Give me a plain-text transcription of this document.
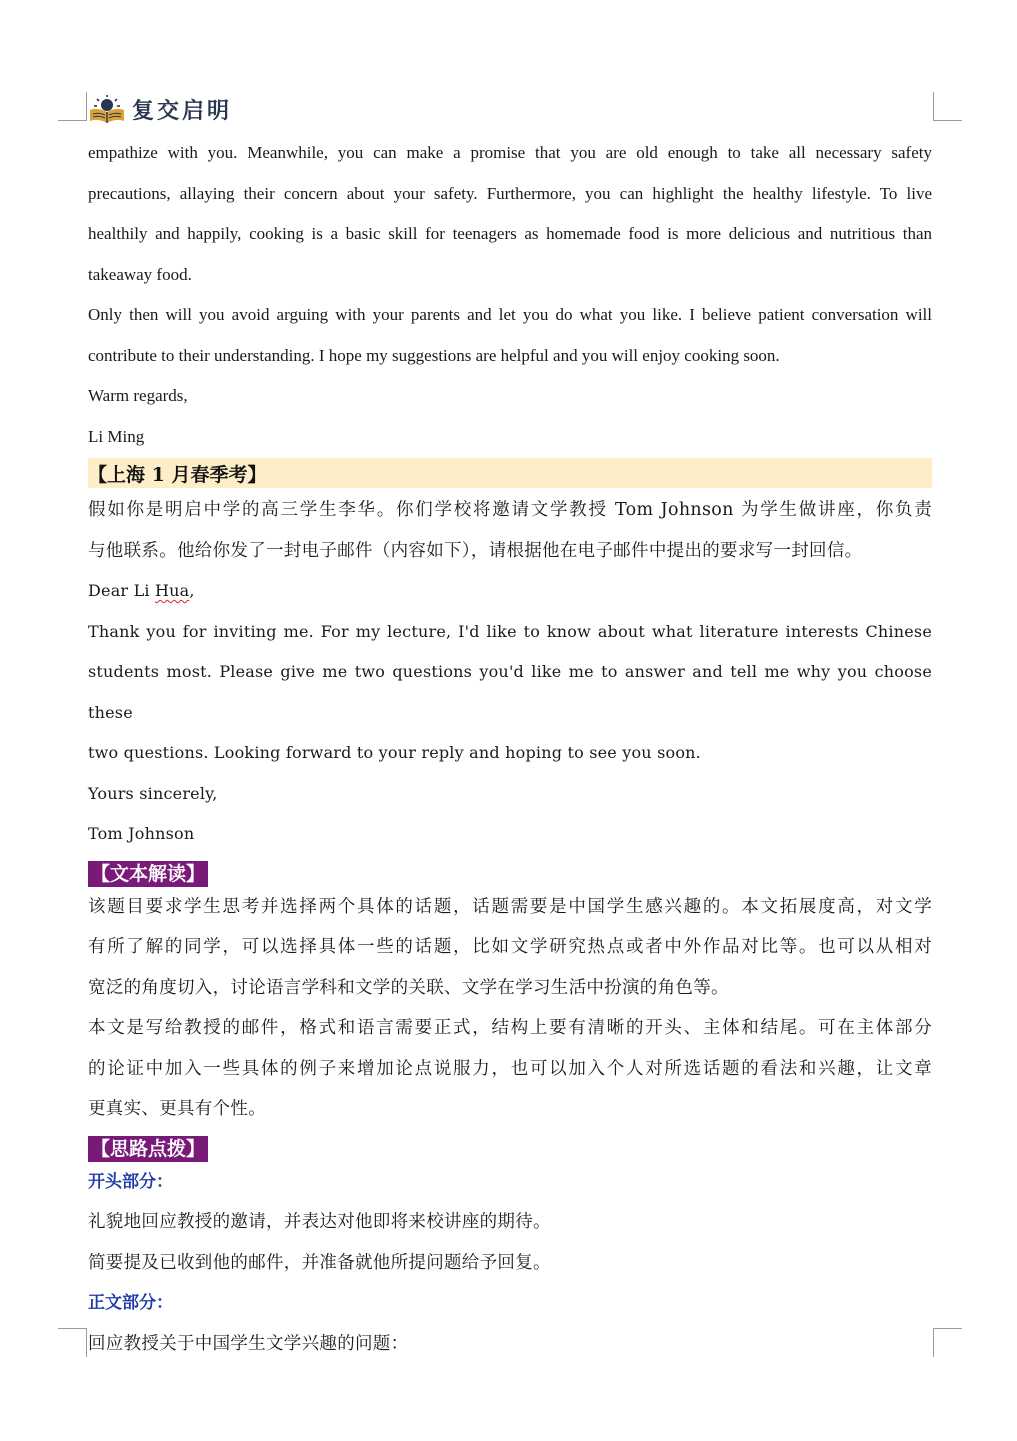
复交启明

empathize with you. Meanwhile, you can make a promise that you are old enough to take all necessary safety

precautions, allaying their concern about your safety. Furthermore, you can highlight the healthy lifestyle. To live

healthily and happily, cooking is a basic skill for teenagers as homemade food is more delicious and nutritious than

takeaway food.

Only then will you avoid arguing with your parents and let you do what you like. I believe patient conversation will

contribute to their understanding. I hope my suggestions are helpful and you will enjoy cooking soon.

Warm regards,

Li Ming

【上海 1 月春季考】

假如你是明启中学的高三学生李华。你们学校将邀请文学教授 Tom Johnson 为学生做讲座，你负责

与他联系。他给你发了一封电子邮件（内容如下），请根据他在电子邮件中提出的要求写一封回信。

Dear Li Hua,

Thank you for inviting me. For my lecture, I'd like to know about what literature interests Chinese

students most. Please give me two questions you'd like me to answer and tell me why you choose these

two questions. Looking forward to your reply and hoping to see you soon.

Yours sincerely,

Tom Johnson

【文本解读】

该题目要求学生思考并选择两个具体的话题，话题需要是中国学生感兴趣的。本文拓展度高，对文学

有所了解的同学，可以选择具体一些的话题，比如文学研究热点或者中外作品对比等。也可以从相对

宽泛的角度切入，讨论语言学科和文学的关联、文学在学习生活中扮演的角色等。

本文是写给教授的邮件，格式和语言需要正式，结构上要有清晰的开头、主体和结尾。可在主体部分

的论证中加入一些具体的例子来增加论点说服力，也可以加入个人对所选话题的看法和兴趣，让文章

更真实、更具有个性。

【思路点拨】

开头部分：

礼貌地回应教授的邀请，并表达对他即将来校讲座的期待。

简要提及已收到他的邮件，并准备就他所提问题给予回复。

正文部分：

回应教授关于中国学生文学兴趣的问题：
